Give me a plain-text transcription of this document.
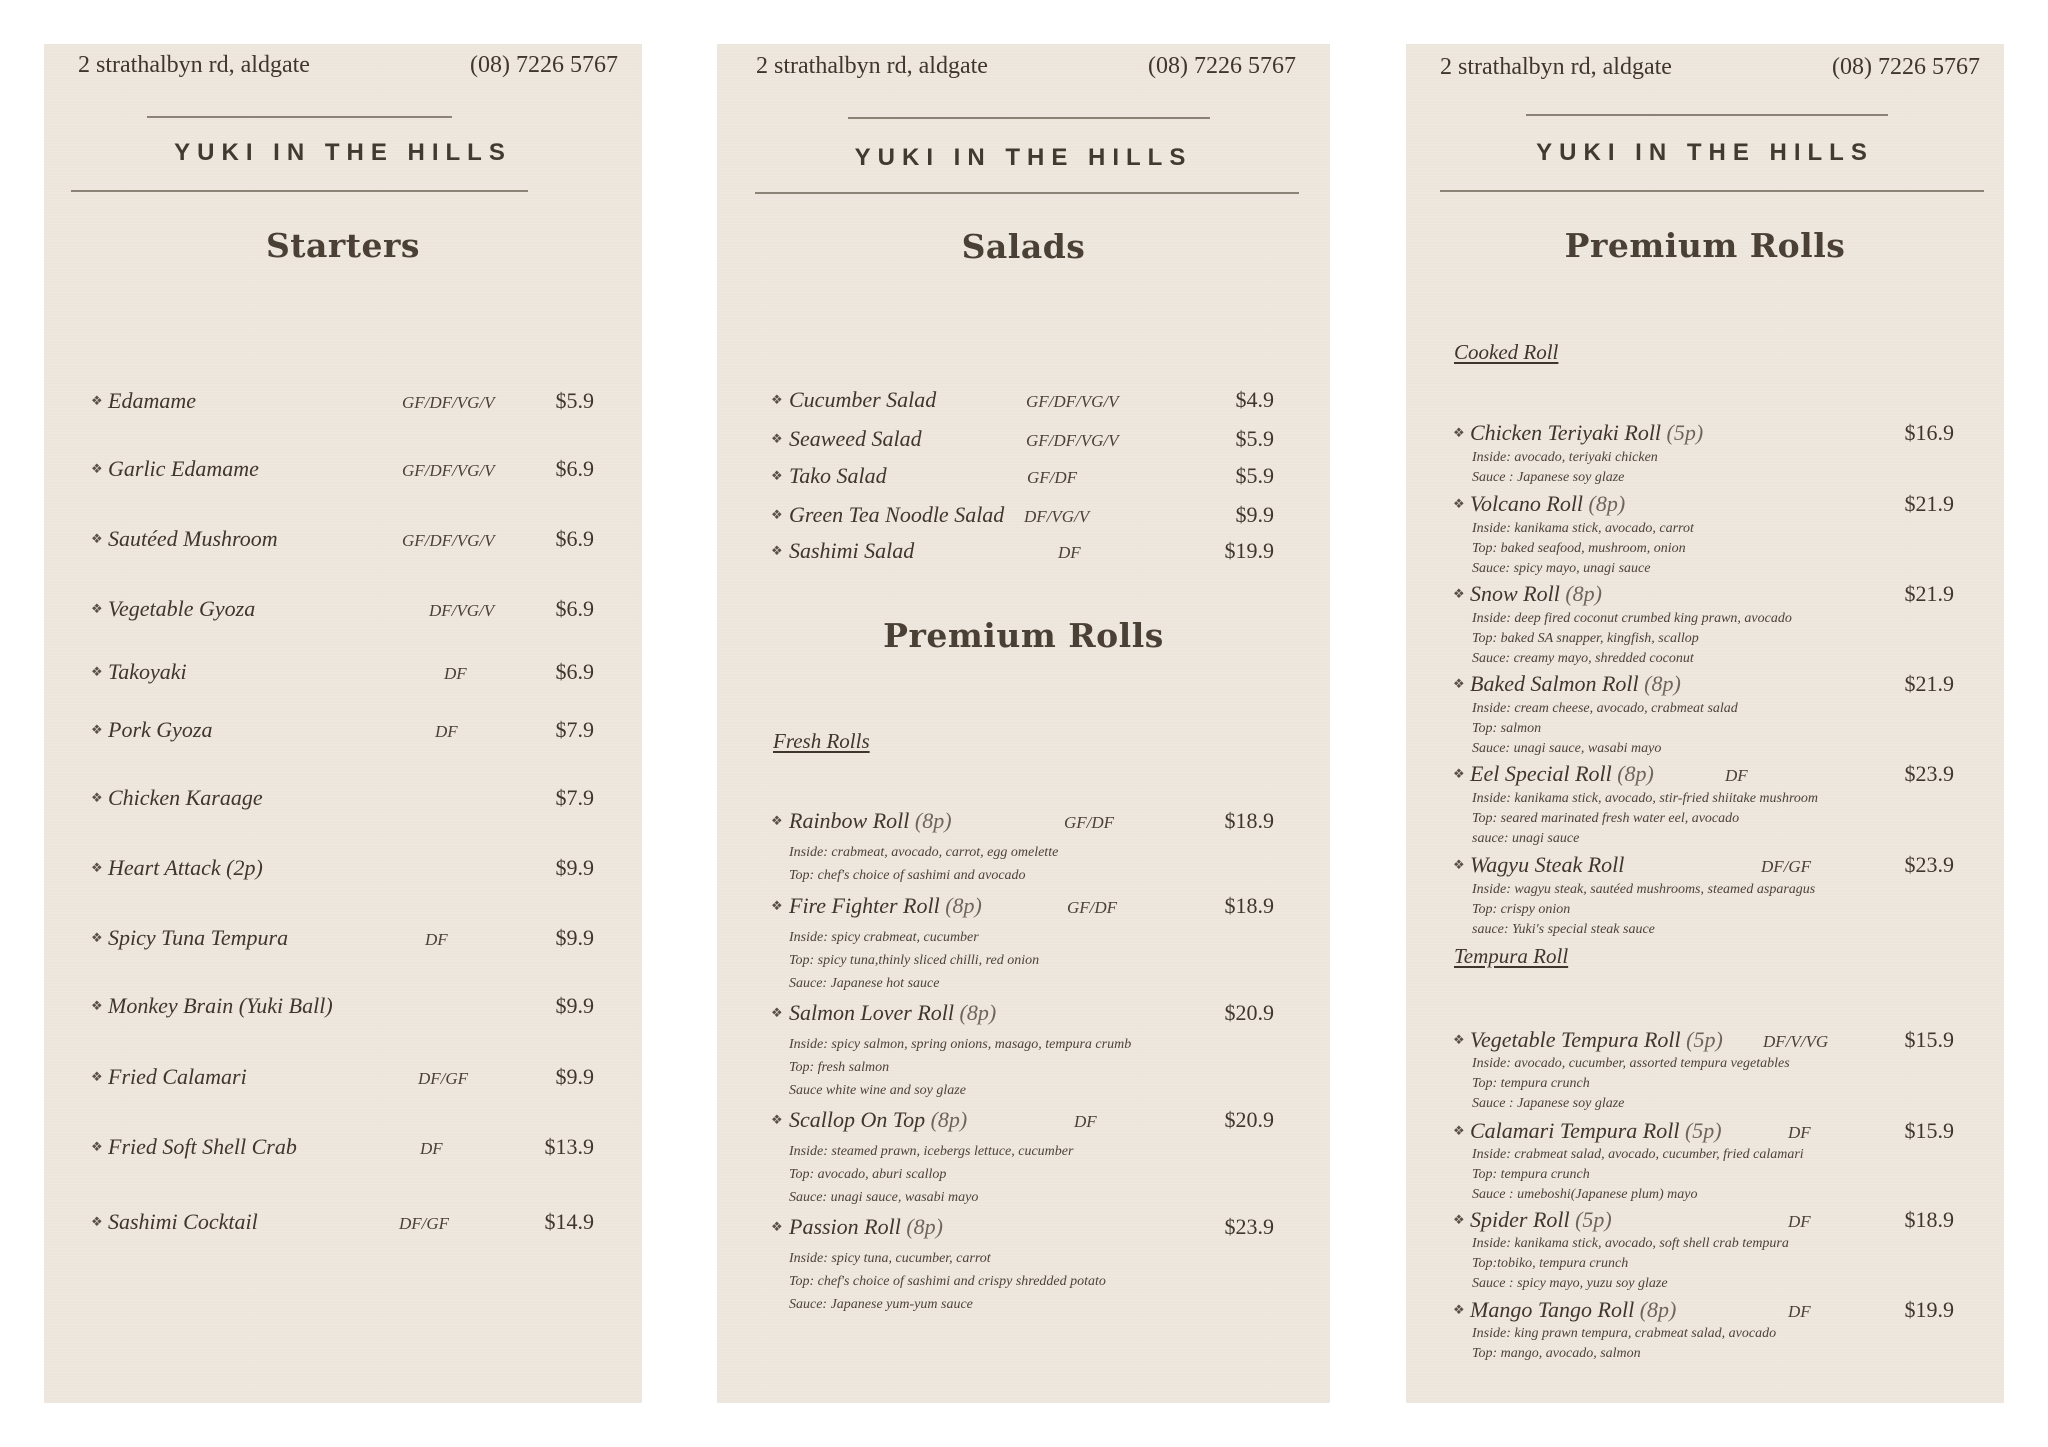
2 strathalbyn rd, aldgate	(08) 7226 5767
YUKI IN THE HILLS
Starters
❖ Edamame	GF/DF/VG/V	$5.9
❖ Garlic Edamame	GF/DF/VG/V	$6.9
❖ Sautéed Mushroom	GF/DF/VG/V	$6.9
❖ Vegetable Gyoza	DF/VG/V	$6.9
❖ Takoyaki	DF	$6.9
❖ Pork Gyoza	DF	$7.9
❖ Chicken Karaage	$7.9
❖ Heart Attack (2p)	$9.9
❖ Spicy Tuna Tempura	DF	$9.9
❖ Monkey Brain (Yuki Ball)	$9.9
❖ Fried Calamari	DF/GF	$9.9
❖ Fried Soft Shell Crab	DF	$13.9
❖ Sashimi Cocktail	DF/GF	$14.9
2 strathalbyn rd, aldgate	(08) 7226 5767
YUKI IN THE HILLS
Salads
❖ Cucumber Salad	GF/DF/VG/V	$4.9
❖ Seaweed Salad	GF/DF/VG/V	$5.9
❖ Tako Salad	GF/DF	$5.9
❖ Green Tea Noodle Salad DF/VG/V	$9.9
❖ Sashimi Salad	DF	$19.9
Premium Rolls
Fresh Rolls
❖ Rainbow Roll (8p)	GF/DF	$18.9
Inside: crabmeat, avocado, carrot, egg omelette
Top: chef's choice of sashimi and avocado
❖ Fire Fighter Roll (8p)	GF/DF	$18.9
Inside: spicy crabmeat, cucumber
Top: spicy tuna,thinly sliced chilli, red onion
Sauce: Japanese hot sauce
❖ Salmon Lover Roll (8p)	$20.9
Inside: spicy salmon, spring onions, masago, tempura crumb
Top: fresh salmon
Sauce white wine and soy glaze
❖ Scallop On Top (8p)	DF	$20.9
Inside: steamed prawn, icebergs lettuce, cucumber
Top: avocado, aburi scallop
Sauce: unagi sauce, wasabi mayo
❖ Passion Roll (8p)	$23.9
Inside: spicy tuna, cucumber, carrot
Top: chef's choice of sashimi and crispy shredded potato
Sauce: Japanese yum-yum sauce
2 strathalbyn rd, aldgate	(08) 7226 5767
YUKI IN THE HILLS
Premium Rolls
Cooked Roll
❖ Chicken Teriyaki Roll (5p)	$16.9
Inside: avocado, teriyaki chicken
Sauce : Japanese soy glaze
❖ Volcano Roll (8p)	$21.9
Inside: kanikama stick, avocado, carrot
Top: baked seafood, mushroom, onion
Sauce: spicy mayo, unagi sauce
❖ Snow Roll (8p)	$21.9
Inside: deep fired coconut crumbed king prawn, avocado
Top: baked SA snapper, kingfish, scallop
Sauce: creamy mayo, shredded coconut
❖ Baked Salmon Roll (8p)	$21.9
Inside: cream cheese, avocado, crabmeat salad
Top: salmon
Sauce: unagi sauce, wasabi mayo
❖ Eel Special Roll (8p)	DF	$23.9
Inside: kanikama stick, avocado, stir-fried shiitake mushroom
Top: seared marinated fresh water eel, avocado
sauce: unagi sauce
❖ Wagyu Steak Roll	DF/GF	$23.9
Inside: wagyu steak, sautéed mushrooms, steamed asparagus
Top: crispy onion
sauce: Yuki's special steak sauce
Tempura Roll
❖ Vegetable Tempura Roll (5p) DF/V/VG	$15.9
Inside: avocado, cucumber, assorted tempura vegetables
Top: tempura crunch
Sauce : Japanese soy glaze
❖ Calamari Tempura Roll (5p)	DF	$15.9
Inside: crabmeat salad, avocado, cucumber, fried calamari
Top: tempura crunch
Sauce : umeboshi(Japanese plum) mayo
❖ Spider Roll (5p)	DF	$18.9
Inside: kanikama stick, avocado, soft shell crab tempura
Top:tobiko, tempura crunch
Sauce : spicy mayo, yuzu soy glaze
❖ Mango Tango Roll (8p)	DF	$19.9
Inside: king prawn tempura, crabmeat salad, avocado
Top: mango, avocado, salmon
